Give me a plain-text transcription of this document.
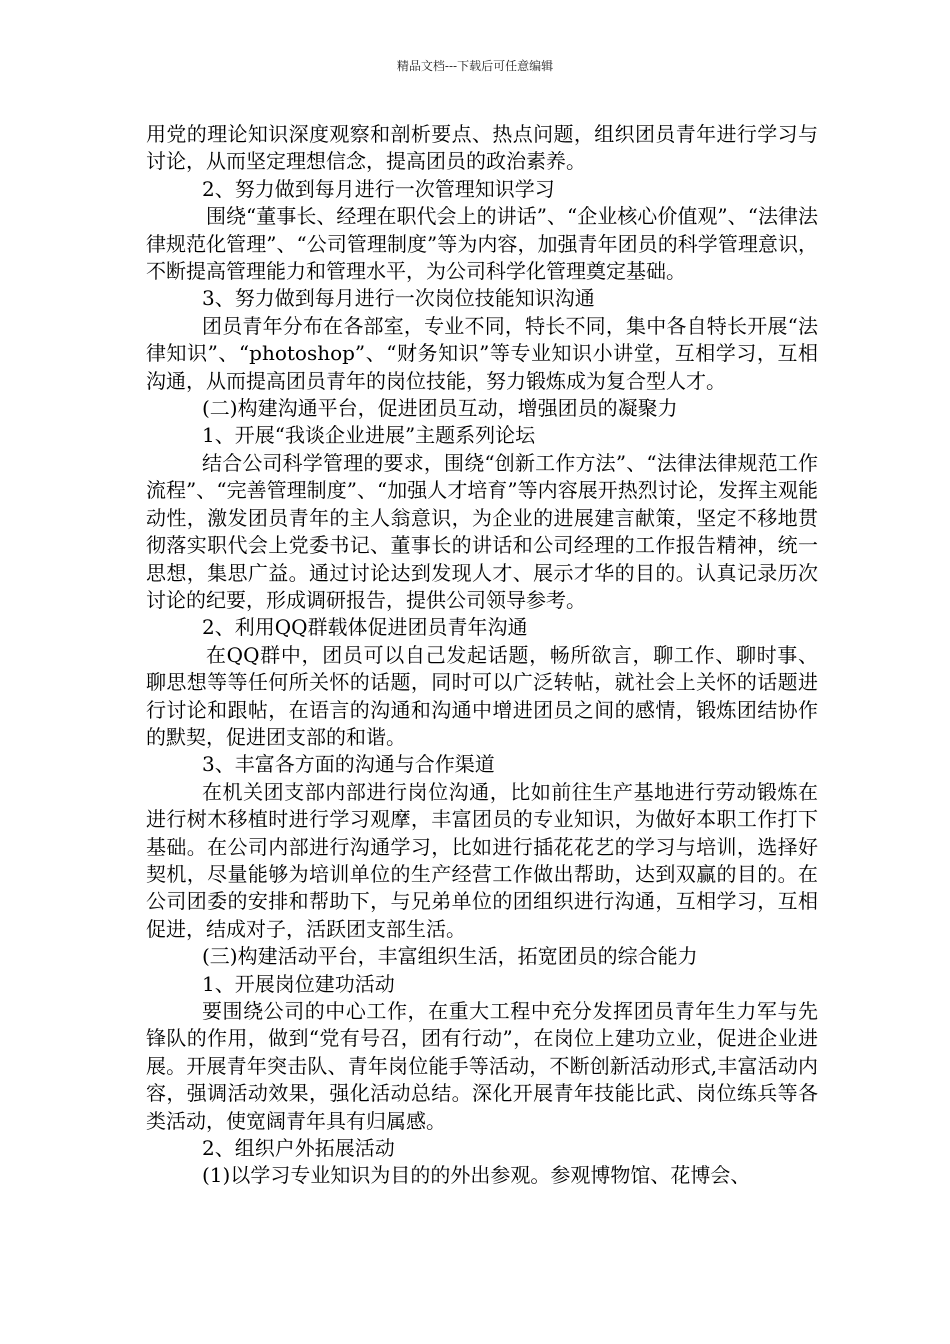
精品文档---下载后可任意编辑

用党的理论知识深度观察和剖析要点、热点问题，组织团员青年进行学习与讨论，从而坚定理想信念，提高团员的政治素养。

2、努力做到每月进行一次管理知识学习

围绕“董事长、经理在职代会上的讲话”、“企业核心价值观”、“法律法律规范化管理”、“公司管理制度”等为内容，加强青年团员的科学管理意识，不断提高管理能力和管理水平，为公司科学化管理奠定基础。

3、努力做到每月进行一次岗位技能知识沟通

团员青年分布在各部室，专业不同，特长不同，集中各自特长开展“法律知识”、“photoshop”、“财务知识”等专业知识小讲堂，互相学习，互相沟通，从而提高团员青年的岗位技能，努力锻炼成为复合型人才。

(二)构建沟通平台，促进团员互动，增强团员的凝聚力

1、开展“我谈企业进展”主题系列论坛

结合公司科学管理的要求，围绕“创新工作方法”、“法律法律规范工作流程”、“完善管理制度”、“加强人才培育”等内容展开热烈讨论，发挥主观能动性，激发团员青年的主人翁意识，为企业的进展建言献策，坚定不移地贯彻落实职代会上党委书记、董事长的讲话和公司经理的工作报告精神，统一思想，集思广益。通过讨论达到发现人才、展示才华的目的。认真记录历次讨论的纪要，形成调研报告，提供公司领导参考。

2、利用QQ群载体促进团员青年沟通

在QQ群中，团员可以自己发起话题，畅所欲言，聊工作、聊时事、聊思想等等任何所关怀的话题，同时可以广泛转帖，就社会上关怀的话题进行讨论和跟帖，在语言的沟通和沟通中增进团员之间的感情，锻炼团结协作的默契，促进团支部的和谐。

3、丰富各方面的沟通与合作渠道

在机关团支部内部进行岗位沟通，比如前往生产基地进行劳动锻炼在进行树木移植时进行学习观摩，丰富团员的专业知识，为做好本职工作打下基础。在公司内部进行沟通学习，比如进行插花花艺的学习与培训，选择好契机，尽量能够为培训单位的生产经营工作做出帮助，达到双赢的目的。在公司团委的安排和帮助下，与兄弟单位的团组织进行沟通，互相学习，互相促进，结成对子，活跃团支部生活。

(三)构建活动平台，丰富组织生活，拓宽团员的综合能力

1、开展岗位建功活动

要围绕公司的中心工作，在重大工程中充分发挥团员青年生力军与先锋队的作用，做到“党有号召，团有行动”，在岗位上建功立业，促进企业进展。开展青年突击队、青年岗位能手等活动，不断创新活动形式,丰富活动内容，强调活动效果，强化活动总结。深化开展青年技能比武、岗位练兵等各类活动，使宽阔青年具有归属感。

2、组织户外拓展活动

(1)以学习专业知识为目的的外出参观。参观博物馆、花博会、
